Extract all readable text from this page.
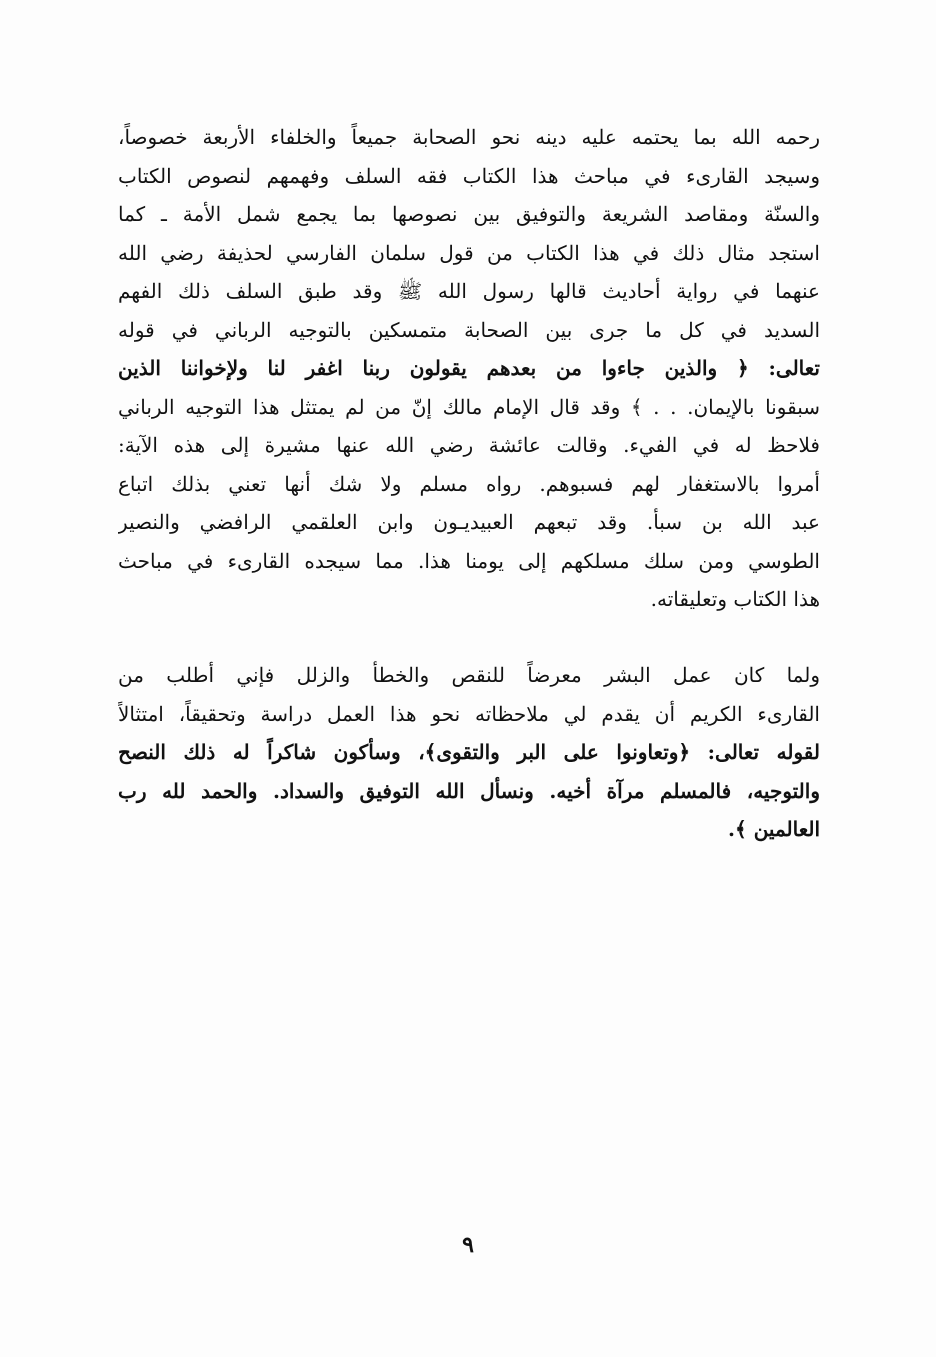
رحمه الله بما يحتمه عليه دينه نحو الصحابة جميعاً والخلفاء الأربعة خصوصاً،
وسيجد القارىء في مباحث هذا الكتاب فقه السلف وفهمهم لنصوص الكتاب
والسنّة ومقاصد الشريعة والتوفيق بين نصوصها بما يجمع شمل الأمة ـ كما
استجد مثال ذلك في هذا الكتاب من قول سلمان الفارسي لحذيفة رضي الله
عنهما في رواية أحاديث قالها رسول الله ﷺ وقد طبق السلف ذلك الفهم
السديد في كل ما جرى بين الصحابة متمسكين بالتوجيه الرباني في قوله
تعالى: ﴿ والذين جاءوا من بعدهم يقولون ربنا اغفر لنا ولإخواننا الذين
سبقونا بالإيمان. . . ﴾ وقد قال الإمام مالك إنّ من لم يمتثل هذا التوجيه الرباني
فلاحظ له في الفيء. وقالت عائشة رضي الله عنها مشيرة إلى هذه الآية:
أمروا بالاستغفار لهم فسبوهم. رواه مسلم ولا شك أنها تعني بذلك اتباع
عبد الله بن سبأ. وقد تبعهم العبيديـون وابن العلقمي الرافضي والنصير
الطوسي ومن سلك مسلكهم إلى يومنا هذا. مما سيجده القارىء في مباحث
هذا الكتاب وتعليقاته.
ولما كان عمل البشر معرضاً للنقص والخطأ والزلل فإني أطلب من
القارىء الكريم أن يقدم لي ملاحظاته نحو هذا العمل دراسة وتحقيقاً، امتثالاً
لقوله تعالى: ﴿وتعاونوا على البر والتقوى﴾، وسأكون شاكراً له ذلك النصح
والتوجيه، فالمسلم مرآة أخيه. ونسأل الله التوفيق والسداد. والحمد لله رب
العالمين ﴾.
٩
